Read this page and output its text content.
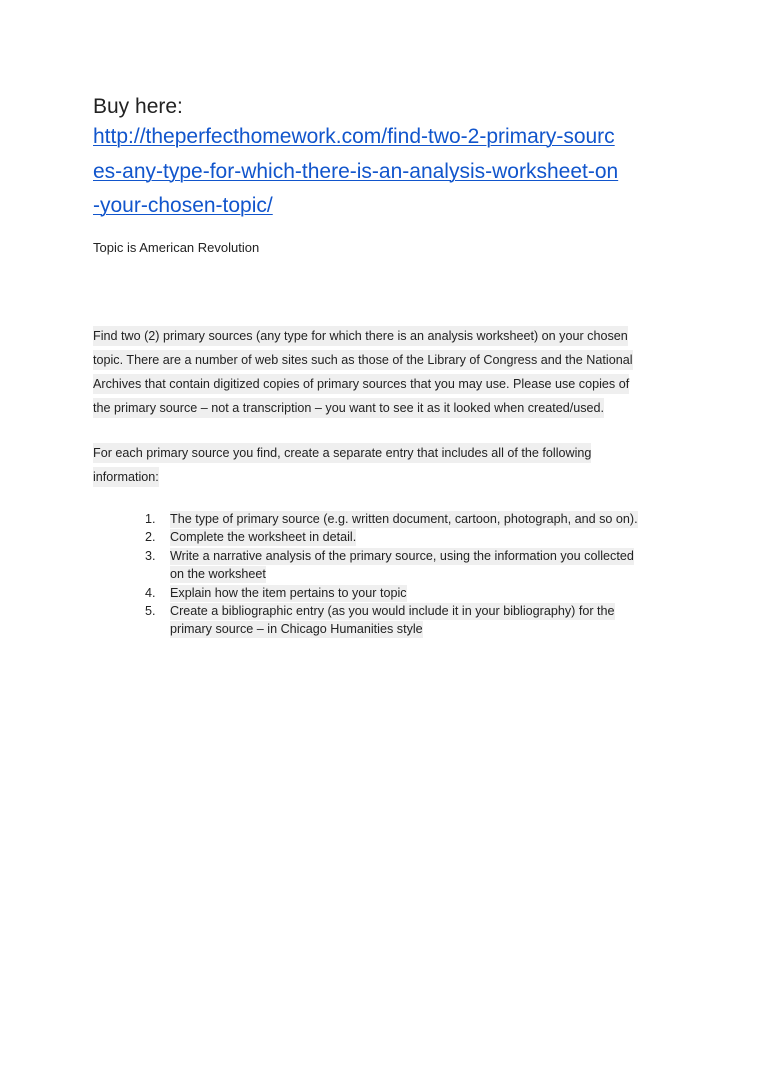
Buy here:

http://theperfecthomework.com/find-two-2-primary-sourc
es-any-type-for-which-there-is-an-analysis-worksheet-on
-your-chosen-topic/

Topic is American Revolution

Find two (2) primary sources (any type for which there is an analysis worksheet) on your chosen
topic. There are a number of web sites such as those of the Library of Congress and the National
Archives that contain digitized copies of primary sources that you may use. Please use copies of
the primary source – not a transcription – you want to see it as it looked when created/used.
For each primary source you find, create a separate entry that includes all of the following
information:
1.	The type of primary source (e.g. written document, cartoon, photograph, and so on).
2.	Complete the worksheet in detail.
3.	Write a narrative analysis of the primary source, using the information you collected
on the worksheet
4.	Explain how the item pertains to your topic
5.	Create a bibliographic entry (as you would include it in your bibliography) for the
primary source – in Chicago Humanities style
